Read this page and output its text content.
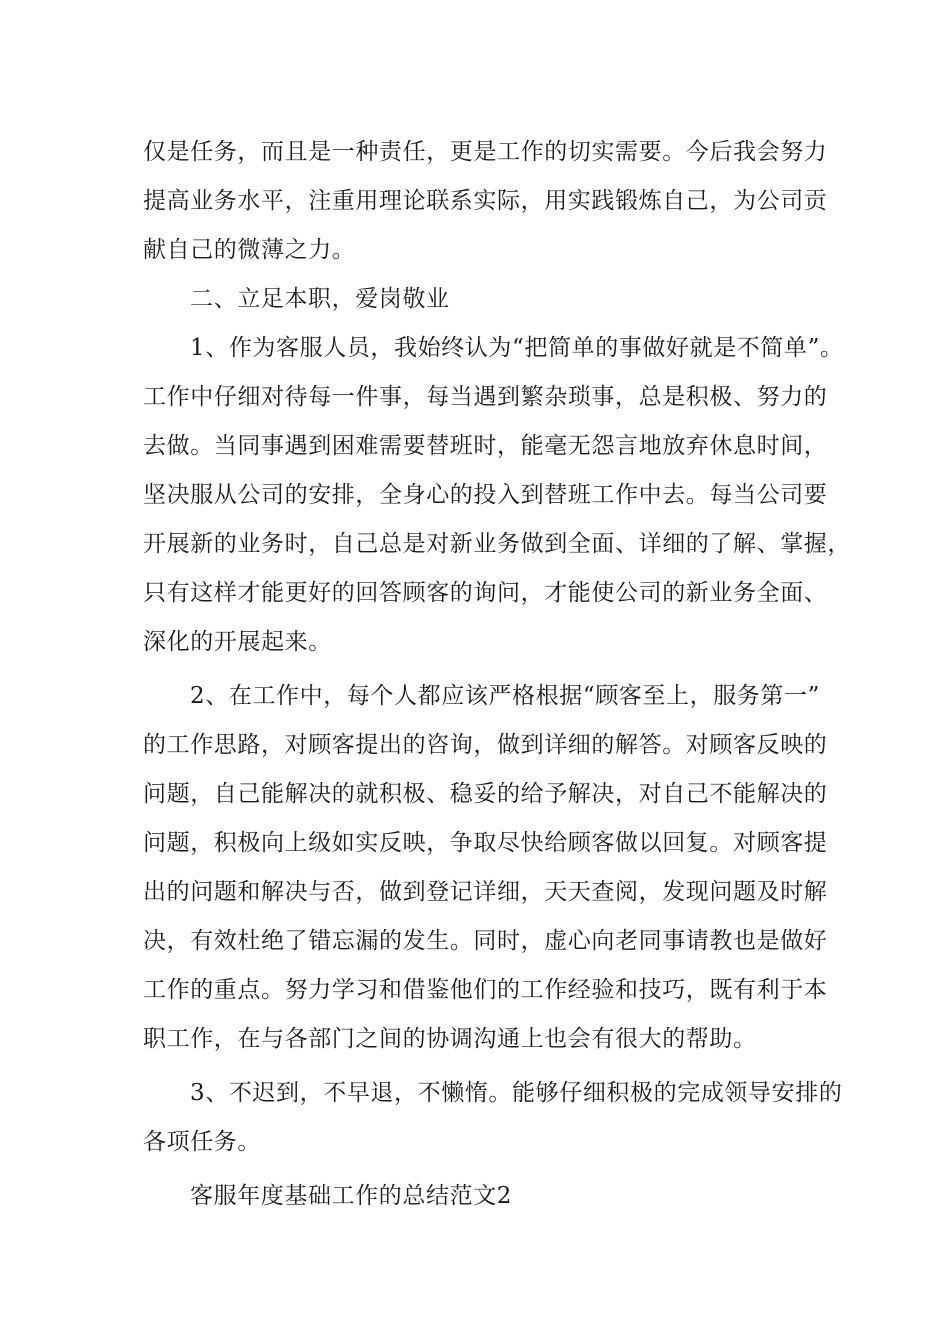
仅是任务，而且是一种责任，更是工作的切实需要。今后我会努力
提高业务水平，注重用理论联系实际，用实践锻炼自己，为公司贡
献自己的微薄之力。
二、立足本职，爱岗敬业
1、作为客服人员，我始终认为“把简单的事做好就是不简单”。
工作中仔细对待每一件事，每当遇到繁杂琐事，总是积极、努力的
去做。当同事遇到困难需要替班时，能毫无怨言地放弃休息时间，
坚决服从公司的安排，全身心的投入到替班工作中去。每当公司要
开展新的业务时，自己总是对新业务做到全面、详细的了解、掌握，
只有这样才能更好的回答顾客的询问，才能使公司的新业务全面、
深化的开展起来。
2、在工作中，每个人都应该严格根据“顾客至上，服务第一”
的工作思路，对顾客提出的咨询，做到详细的解答。对顾客反映的
问题，自己能解决的就积极、稳妥的给予解决，对自己不能解决的
问题，积极向上级如实反映，争取尽快给顾客做以回复。对顾客提
出的问题和解决与否，做到登记详细，天天查阅，发现问题及时解
决，有效杜绝了错忘漏的发生。同时，虚心向老同事请教也是做好
工作的重点。努力学习和借鉴他们的工作经验和技巧，既有利于本
职工作，在与各部门之间的协调沟通上也会有很大的帮助。
3、不迟到，不早退，不懒惰。能够仔细积极的完成领导安排的
各项任务。
客服年度基础工作的总结范文2
